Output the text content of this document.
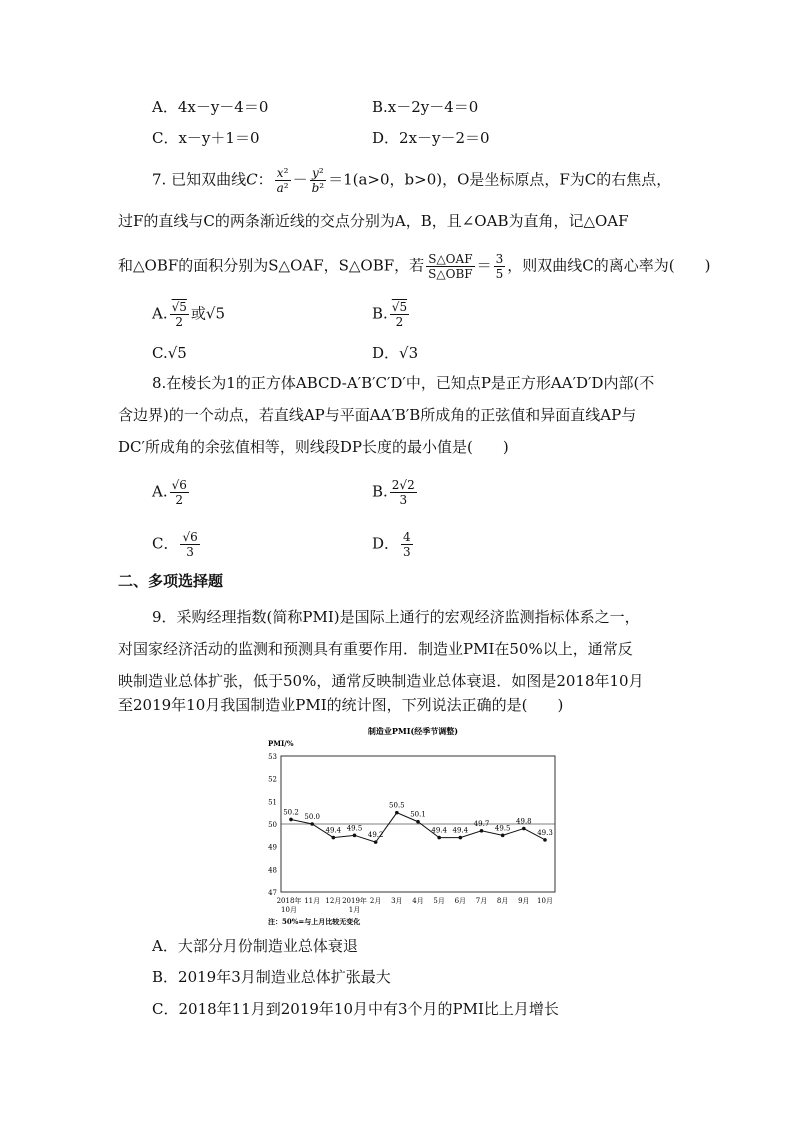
A．4x－y－4＝0	B.x－2y－4＝0
C．x－y＋1＝0	D．2x－y－2＝0
7. 已知双曲线C： $\frac{\text{x²}}{\text{a²}} - \frac{\text{y²}}{\text{b²}} =1(a>0$，b>0)，O是坐标原点，F为C的右焦点，
过F的直线与C的两条渐近线的交点分别为A，B，且∠OAB为直角，记△OAF
和△OBF的面积分别为S△OAF，S△OBF，若 $\frac{\text{S△OAF}}{\text{S△OBF}} = \frac{3}{5}$ ，则双曲线C的离心率为(　　)
A. $\frac{√5}{2}$ 或√5	B. $\frac{√5}{2}$
C.√5	D．√3
8.在棱长为1的正方体ABCD-A′B′C′D′中，已知点P是正方形AA′D′D内部(不
含边界)的一个动点，若直线AP与平面AA′B′B所成角的正弦值和异面直线AP与
DC′所成角的余弦值相等，则线段DP长度的最小值是(　　)
A. $\frac{√6}{2}$	B. $\frac{2√2}{3}$
C． $\frac{√6}{3}$	D． $\frac{4}{3}$
二、多项选择题
9．采购经理指数(简称PMI)是国际上通行的宏观经济监测指标体系之一，
对国家经济活动的监测和预测具有重要作用．制造业PMI在50%以上，通常反
映制造业总体扩张，低于50%，通常反映制造业总体衰退．如图是2018年10月
至2019年10月我国制造业PMI的统计图，下列说法正确的是(　　)
制造业PMI(经季节调整)
PMI/%
53
52
51
50
49
48
47
50.2
50.0
49.4 49.5
49.2
50.5
50.1
49.4 49.4
49.7
49.5
49.8
49.3
2018年
10月
11月 12月 2019年
1月
2月 3月 4月 5月 6月 7月 8月 9月 10月
注：50%=与上月比较无变化
A．大部分月份制造业总体衰退
B．2019年3月制造业总体扩张最大
C．2018年11月到2019年10月中有3个月的PMI比上月增长
